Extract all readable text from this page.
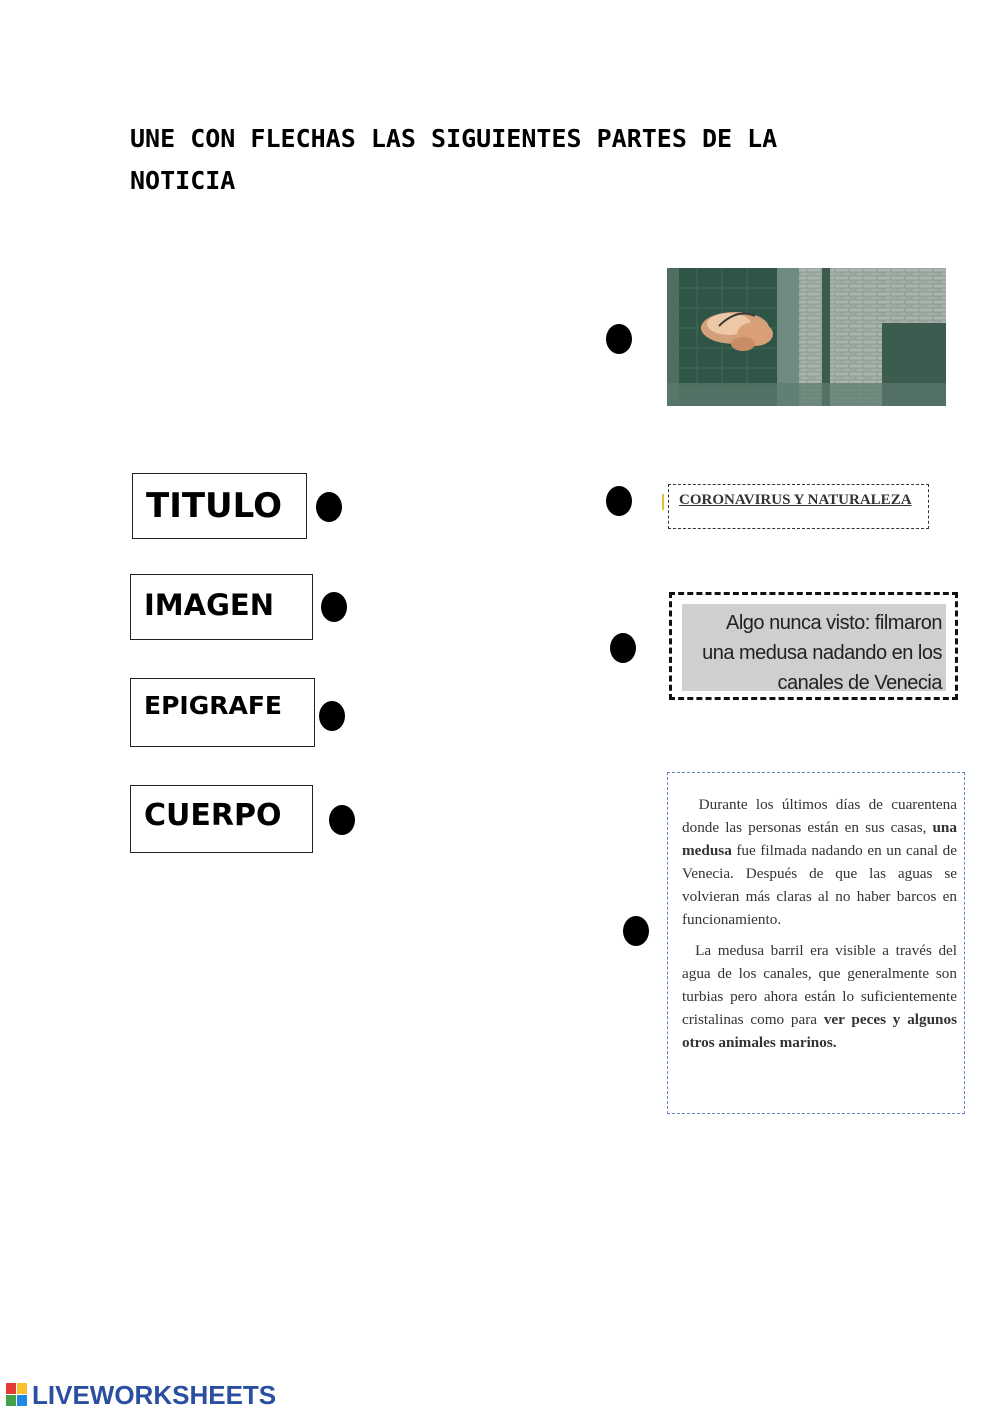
UNE CON FLECHAS LAS SIGUIENTES PARTES DE LA NOTICIA
TITULO
IMAGEN
EPIGRAFE
CUERPO
CORONAVIRUS Y NATURALEZA
Algo nunca visto: filmaron una medusa nadando en los canales de Venecia

Durante los últimos días de cuarentena donde las personas están en sus casas, una medusa fue filmada nadando en un canal de Venecia. Después de que las aguas se volvieran más claras al no haber barcos en funcionamiento.

La medusa barril era visible a través del agua de los canales, que generalmente son turbias pero ahora están lo suficientemente cristalinas como para ver peces y algunos otros animales marinos.

LIVEWORKSHEETS
